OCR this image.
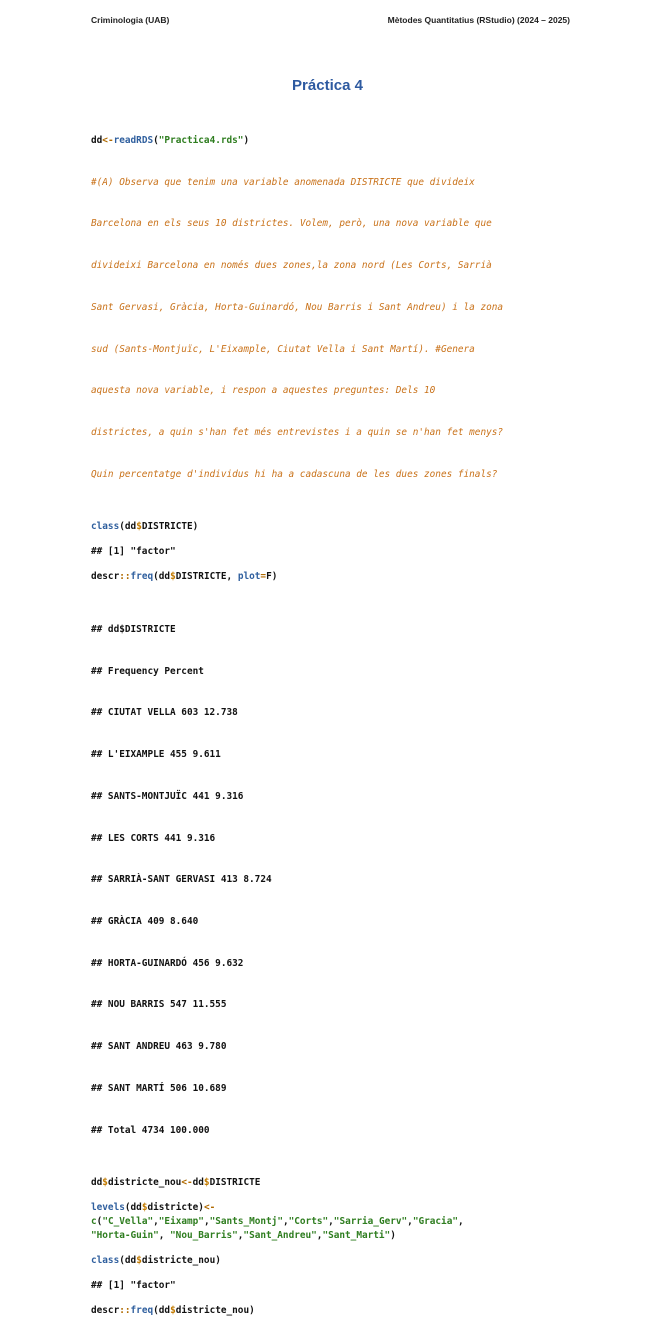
Criminologia (UAB)	Mètodes Quantitatius (RStudio) (2024 – 2025)
Práctica 4
dd<-readRDS("Practica4.rds")

#(A) Observa que tenim una variable anomenada DISTRICTE que divideix

Barcelona en els seus 10 districtes. Volem, però, una nova variable que

divideixi Barcelona en només dues zones,la zona nord (Les Corts, Sarrià

Sant Gervasi, Gràcia, Horta-Guinardó, Nou Barris i Sant Andreu) i la zona

sud (Sants-Montjuïc, L'Eixample, Ciutat Vella i Sant Martí). #Genera

aquesta nova variable, i respon a aquestes preguntes: Dels 10

districtes, a quin s'han fet més entrevistes i a quin se n'han fet menys?

Quin percentatge d'individus hi ha a cadascuna de les dues zones finals?

class(dd$DISTRICTE)
## [1] "factor"
descr::freq(dd$DISTRICTE, plot=F)

## dd$DISTRICTE

## Frequency Percent

## CIUTAT VELLA 603 12.738

## L'EIXAMPLE 455 9.611

## SANTS-MONTJUÏC 441 9.316

## LES CORTS 441 9.316

## SARRIÀ-SANT GERVASI 413 8.724

## GRÀCIA 409 8.640

## HORTA-GUINARDÓ 456 9.632

## NOU BARRIS 547 11.555

## SANT ANDREU 463 9.780

## SANT MARTÍ 506 10.689

## Total 4734 100.000

dd$districte_nou<-dd$DISTRICTE
levels(dd$districte)<-
c("C_Vella","Eixamp","Sants_Montj","Corts","Sarria_Gerv","Gracia",
"Horta-Guin", "Nou_Barris","Sant_Andreu","Sant_Marti")
class(dd$districte_nou)
## [1] "factor"
descr::freq(dd$districte_nou)
